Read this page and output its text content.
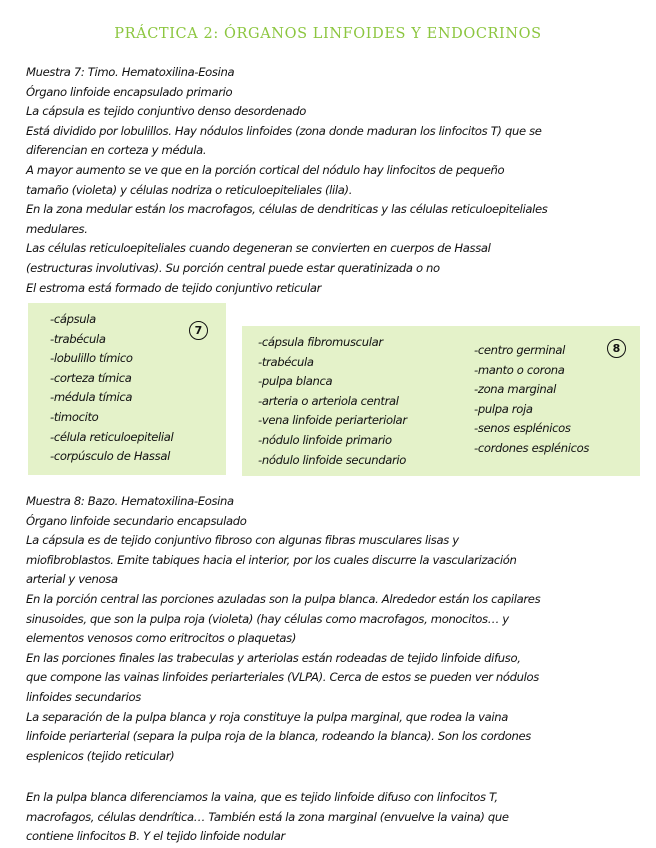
PRÁCTICA 2: ÓRGANOS LINFOIDES Y ENDOCRINOS
Muestra 7: Timo. Hematoxilina-Eosina
Órgano linfoide encapsulado primario
La cápsula es tejido conjuntivo denso desordenado
Está dividido por lobulillos. Hay nódulos linfoides (zona donde maduran los linfocitos T) que se
diferencian en corteza y médula.
A mayor aumento se ve que en la porción cortical del nódulo hay linfocitos de pequeño
tamaño (violeta) y células nodriza o reticuloepiteliales (lila).
En la zona medular están los macrofagos, células de dendriticas y las células reticuloepiteliales
medulares.
Las células reticuloepiteliales cuando degeneran se convierten en cuerpos de Hassal
(estructuras involutivas). Su porción central puede estar queratinizada o no
El estroma está formado de tejido conjuntivo reticular
-cápsula
-trabécula
-lobulillo tímico
-corteza tímica
-médula tímica
-timocito
-célula reticuloepitelial
-corpúsculo de Hassal
7
-cápsula fibromuscular
-trabécula
-pulpa blanca
-arteria o arteriola central
-vena linfoide periarteriolar
-nódulo linfoide primario
-nódulo linfoide secundario
-centro germinal
-manto o corona
-zona marginal
-pulpa roja
-senos esplénicos
-cordones esplénicos
8
Muestra 8: Bazo. Hematoxilina-Eosina
Órgano linfoide secundario encapsulado
La cápsula es de tejido conjuntivo fibroso con algunas fibras musculares lisas y
miofibroblastos. Emite tabiques hacia el interior, por los cuales discurre la vascularización
arterial y venosa
En la porción central las porciones azuladas son la pulpa blanca. Alrededor están los capilares
sinusoides, que son la pulpa roja (violeta) (hay células como macrofagos, monocitos… y
elementos venosos como eritrocitos o plaquetas)
En las porciones finales las trabeculas y arteriolas están rodeadas de tejido linfoide difuso,
que compone las vainas linfoides periarteriales (VLPA). Cerca de estos se pueden ver nódulos
linfoides secundarios
La separación de la pulpa blanca y roja constituye la pulpa marginal, que rodea la vaina
linfoide periarterial (separa la pulpa roja de la blanca, rodeando la blanca). Son los cordones
esplenicos (tejido reticular)
En la pulpa blanca diferenciamos la vaina, que es tejido linfoide difuso con linfocitos T,
macrofagos, células dendrítica… También está la zona marginal (envuelve la vaina) que
contiene linfocitos B. Y el tejido linfoide nodular
